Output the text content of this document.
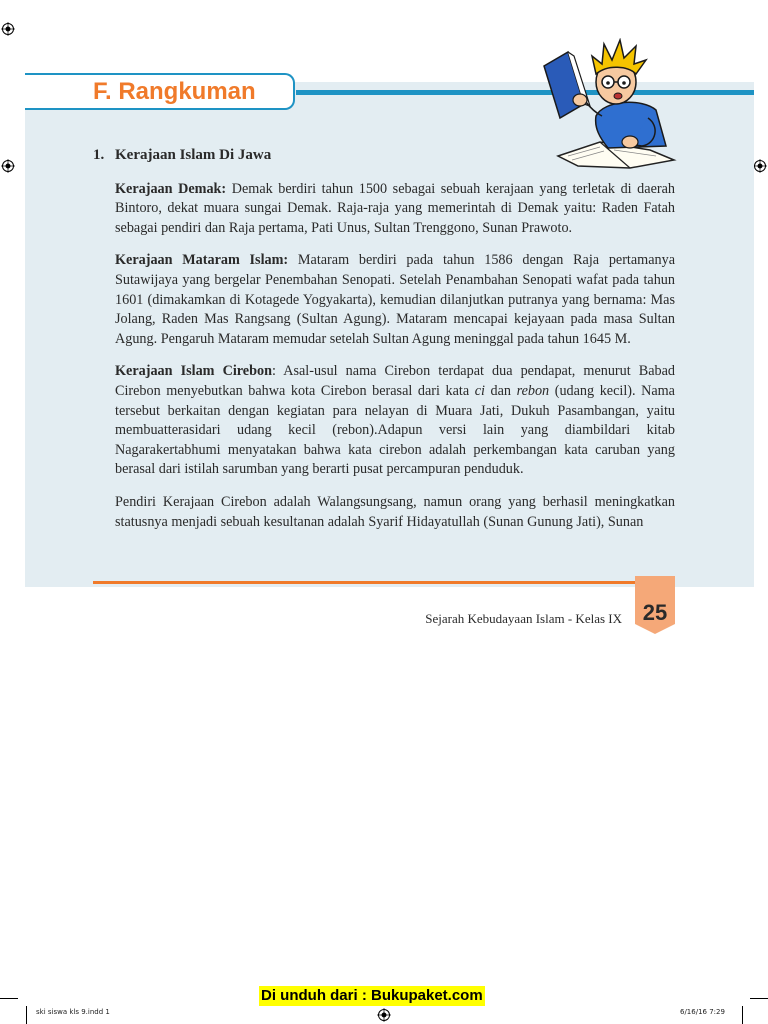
F. Rangkuman
1. Kerajaan Islam Di Jawa

Kerajaan Demak: Demak berdiri tahun 1500 sebagai sebuah kerajaan yang terletak di daerah Bintoro, dekat muara sungai Demak. Raja-raja yang memerintah di Demak yaitu: Raden Fatah sebagai pendiri dan Raja pertama, Pati Unus, Sultan Trenggono, Sunan Prawoto.

Kerajaan Mataram Islam: Mataram berdiri pada tahun 1586 dengan Raja pertamanya Sutawijaya yang bergelar Penembahan Senopati. Setelah Penambahan Senopati wafat pada tahun 1601 (dimakamkan di Kotagede Yogyakarta), kemudian dilanjutkan putranya yang bernama: Mas Jolang, Raden Mas Rangsang (Sultan Agung). Mataram mencapai kejayaan pada masa Sultan Agung. Pengaruh Mataram memudar setelah Sultan Agung meninggal pada tahun 1645 M.

Kerajaan Islam Cirebon: Asal-usul nama Cirebon terdapat dua pendapat, menurut Babad Cirebon menyebutkan bahwa kota Cirebon berasal dari kata ci dan rebon (udang kecil). Nama tersebut berkaitan dengan kegiatan para nelayan di Muara Jati, Dukuh Pasambangan, yaitu membuatterasidari udang kecil (rebon).Adapun versi lain yang diambildari kitab Nagarakertabhumi menyatakan bahwa kata cirebon adalah perkembangan kata caruban yang berasal dari istilah sarumban yang berarti pusat percampuran penduduk.

Pendiri Kerajaan Cirebon adalah Walangsungsang, namun orang yang berhasil meningkatkan statusnya menjadi sebuah kesultanan adalah Syarif Hidayatullah (Sunan Gunung Jati), Sunan

25
Sejarah Kebudayaan Islam - Kelas IX
Di unduh dari : Bukupaket.com
ski siswa kls 9.indd 1	6/16/16 7:29
